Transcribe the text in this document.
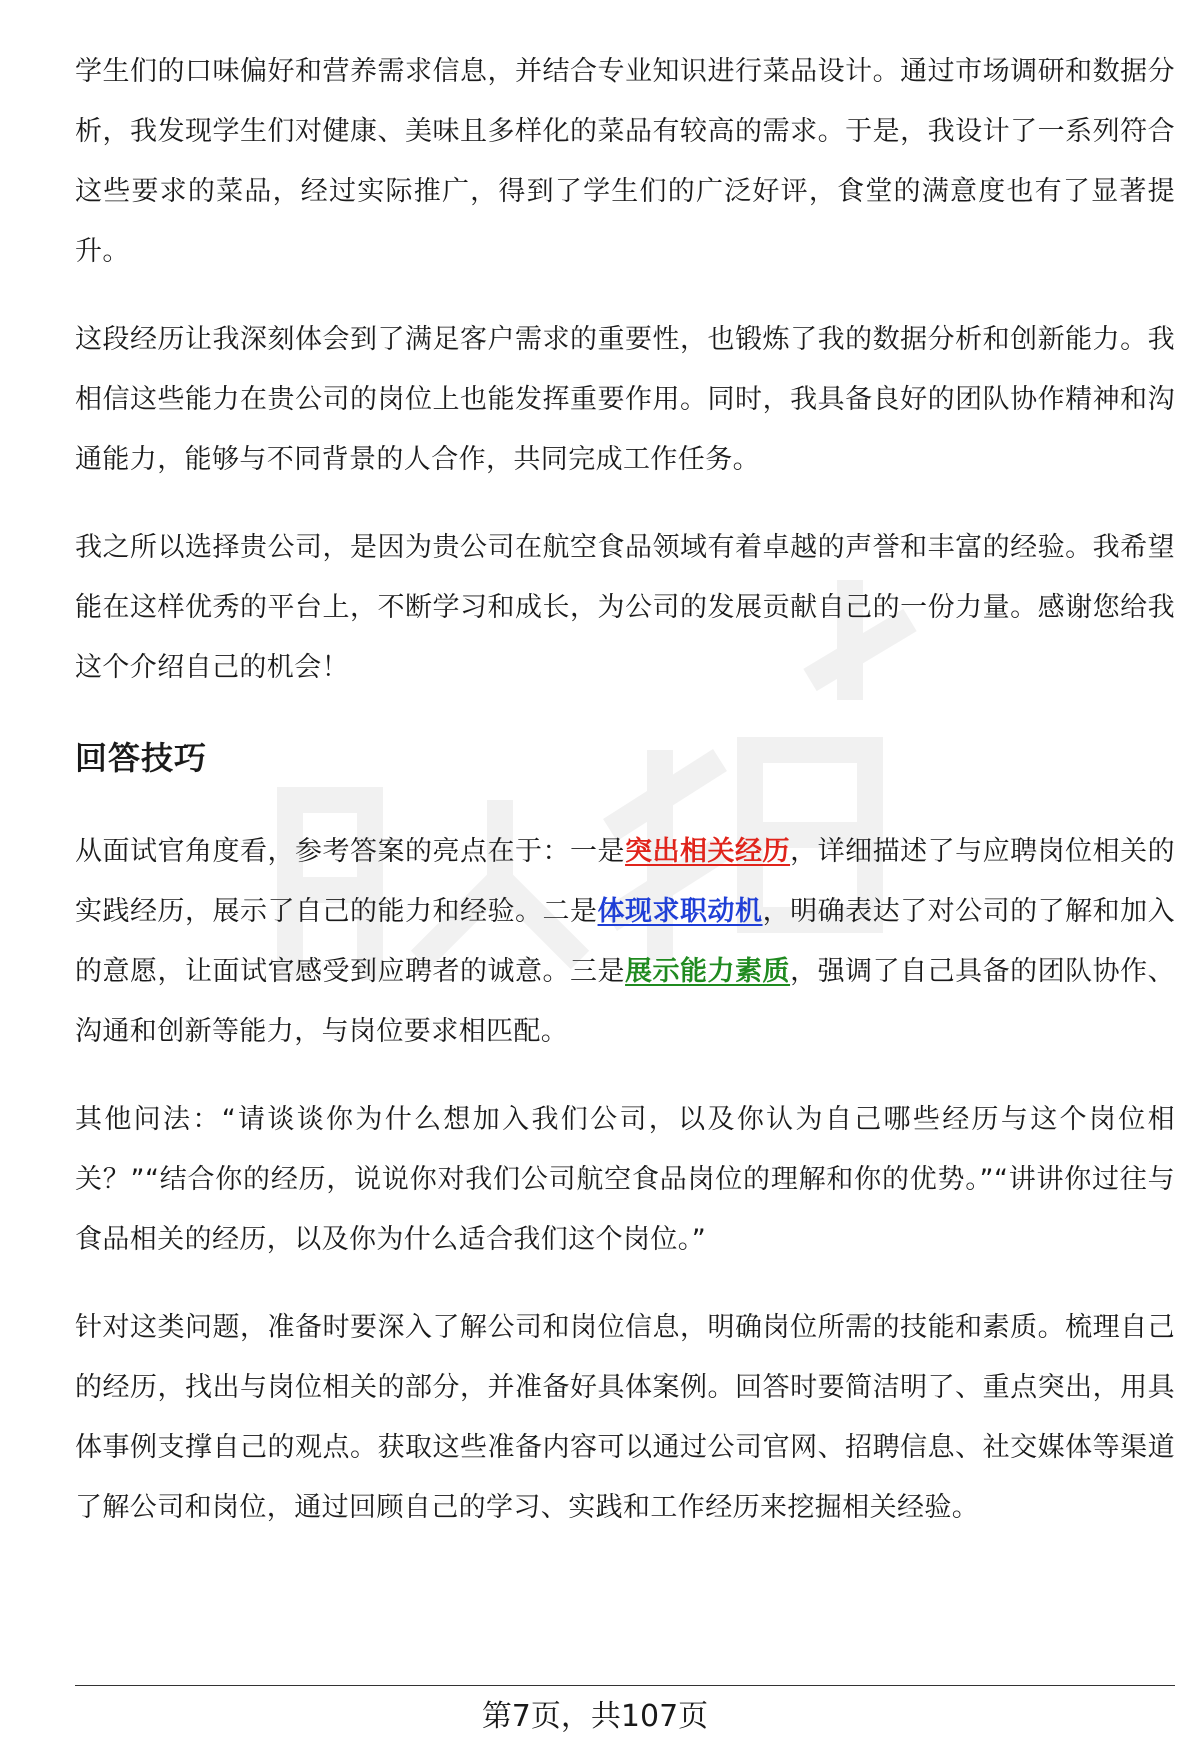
学生们的口味偏好和营养需求信息，并结合专业知识进行菜品设计。通过市场调研和数据分析，我发现学生们对健康、美味且多样化的菜品有较高的需求。于是，我设计了一系列符合这些要求的菜品，经过实际推广，得到了学生们的广泛好评，食堂的满意度也有了显著提升。

这段经历让我深刻体会到了满足客户需求的重要性，也锻炼了我的数据分析和创新能力。我相信这些能力在贵公司的岗位上也能发挥重要作用。同时，我具备良好的团队协作精神和沟通能力，能够与不同背景的人合作，共同完成工作任务。

我之所以选择贵公司，是因为贵公司在航空食品领域有着卓越的声誉和丰富的经验。我希望能在这样优秀的平台上，不断学习和成长，为公司的发展贡献自己的一份力量。感谢您给我这个介绍自己的机会！

回答技巧

从面试官角度看，参考答案的亮点在于：一是突出相关经历，详细描述了与应聘岗位相关的实践经历，展示了自己的能力和经验。二是体现求职动机，明确表达了对公司的了解和加入的意愿，让面试官感受到应聘者的诚意。三是展示能力素质，强调了自己具备的团队协作、沟通和创新等能力，与岗位要求相匹配。

其他问法：“请谈谈你为什么想加入我们公司，以及你认为自己哪些经历与这个岗位相关？”“结合你的经历，说说你对我们公司航空食品岗位的理解和你的优势。”“讲讲你过往与食品相关的经历，以及你为什么适合我们这个岗位。”

针对这类问题，准备时要深入了解公司和岗位信息，明确岗位所需的技能和素质。梳理自己的经历，找出与岗位相关的部分，并准备好具体案例。回答时要简洁明了、重点突出，用具体事例支撑自己的观点。获取这些准备内容可以通过公司官网、招聘信息、社交媒体等渠道了解公司和岗位，通过回顾自己的学习、实践和工作经历来挖掘相关经验。

第7页，共107页
